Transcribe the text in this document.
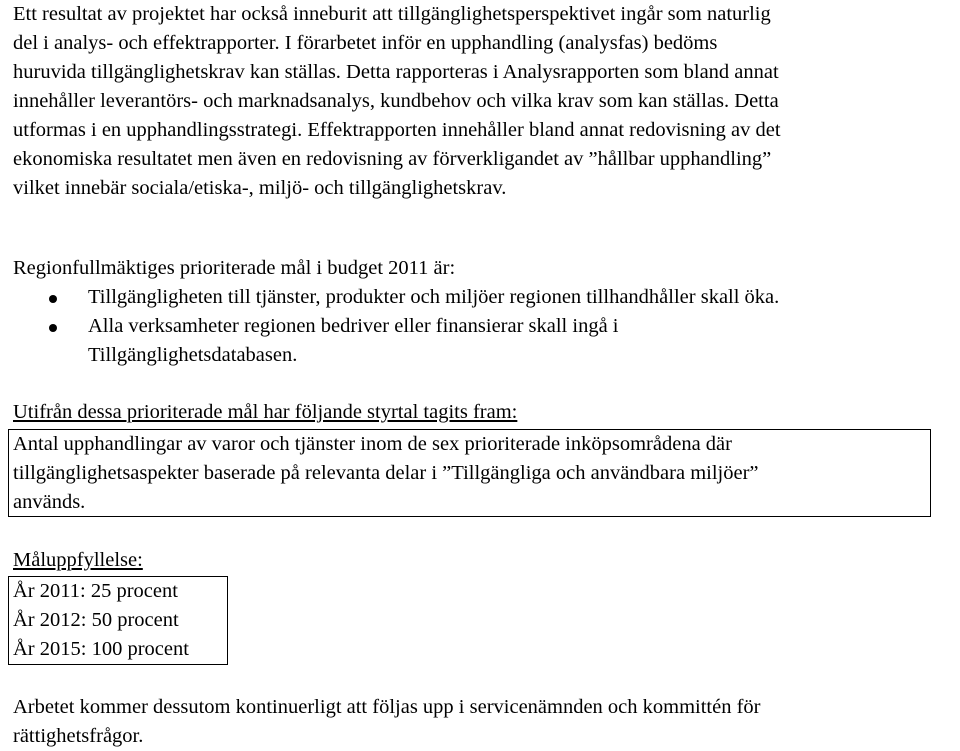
Ett resultat av projektet har också inneburit att tillgänglighetsperspektivet ingår som naturlig
del i analys- och effektrapporter. I förarbetet inför en upphandling (analysfas) bedöms
huruvida tillgänglighetskrav kan ställas. Detta rapporteras i Analysrapporten som bland annat
innehåller leverantörs- och marknadsanalys, kundbehov och vilka krav som kan ställas. Detta
utformas i en upphandlingsstrategi. Effektrapporten innehåller bland annat redovisning av det
ekonomiska resultatet men även en redovisning av förverkligandet av ”hållbar upphandling”
vilket innebär sociala/etiska-, miljö- och tillgänglighetskrav.
Regionfullmäktiges prioriterade mål i budget 2011 är:
Tillgängligheten till tjänster, produkter och miljöer regionen tillhandhåller skall öka.
Alla verksamheter regionen bedriver eller finansierar skall ingå i
Tillgänglighetsdatabasen.
Utifrån dessa prioriterade mål har följande styrtal tagits fram:
Antal upphandlingar av varor och tjänster inom de sex prioriterade inköpsområdena där
tillgänglighetsaspekter baserade på relevanta delar i ”Tillgängliga och användbara miljöer”
används.
Måluppfyllelse:
År 2011: 25 procent
År 2012: 50 procent
År 2015: 100 procent
Arbetet kommer dessutom kontinuerligt att följas upp i servicenämnden och kommittén för
rättighetsfrågor.
